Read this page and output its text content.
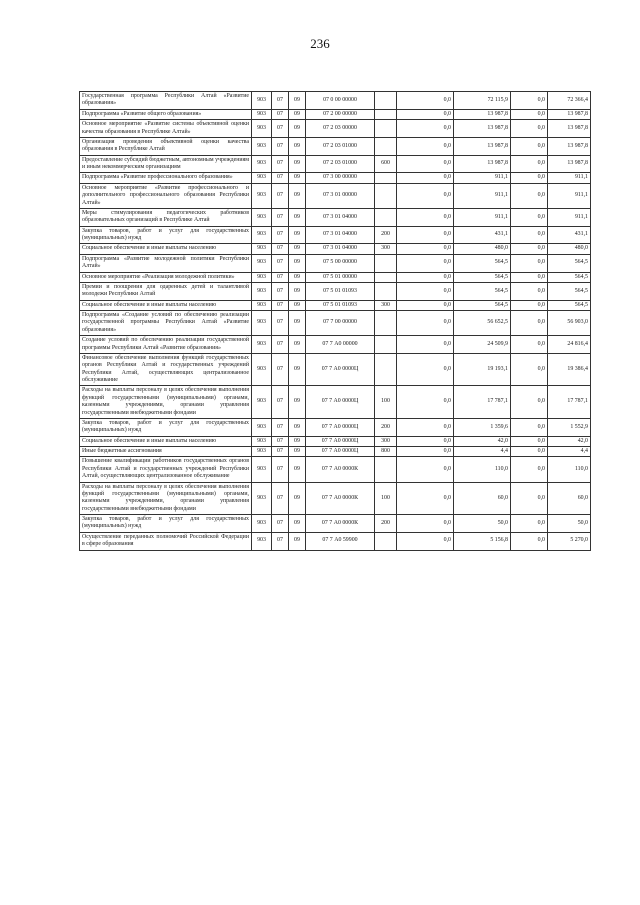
236
Государственная программа Республики Алтай «Развитие образования»	903	07	09	07 0 00 00000		0,0	72 115,9	0,0	72 366,4
Подпрограмма «Развитие общего образования»	903	07	09	07 2 00 00000		0,0	13 987,8	0,0	13 987,8
Основное мероприятие «Развитие системы объективной оценки качества образования в Республике Алтай»	903	07	09	07 2 03 00000		0,0	13 987,8	0,0	13 987,8
Организация проведения объективной оценки качества образования в Республике Алтай	903	07	09	07 2 03 01000		0,0	13 987,8	0,0	13 987,8
Предоставление субсидий бюджетным, автономным учреждениям и иным некоммерческим организациям	903	07	09	07 2 03 01000	600	0,0	13 987,8	0,0	13 987,8
Подпрограмма «Развитие профессионального образования»	903	07	09	07 3 00 00000		0,0	911,1	0,0	911,1
Основное мероприятие «Развитие профессионального и дополнительного профессионального образования Республики Алтай»	903	07	09	07 3 01 00000		0,0	911,1	0,0	911,1
Меры стимулирования педагогических работников образовательных организаций в Республике Алтай	903	07	09	07 3 01 04000		0,0	911,1	0,0	911,1
Закупка товаров, работ и услуг для государственных (муниципальных) нужд	903	07	09	07 3 01 04000	200	0,0	431,1	0,0	431,1
Социальное обеспечение и иные выплаты населению	903	07	09	07 3 01 04000	300	0,0	480,0	0,0	480,0
Подпрограмма «Развитие молодежной политики Республики Алтай»	903	07	09	07 5 00 00000		0,0	564,5	0,0	564,5
Основное мероприятие «Реализация молодежной политики»	903	07	09	07 5 01 00000		0,0	564,5	0,0	564,5
Премии и поощрения для одаренных детей и талантливой молодежи Республики Алтай	903	07	09	07 5 01 01093		0,0	564,5	0,0	564,5
Социальное обеспечение и иные выплаты населению	903	07	09	07 5 01 01093	300	0,0	564,5	0,0	564,5
Подпрограмма «Создание условий по обеспечению реализации государственной программы Республики Алтай «Развитие образования»	903	07	09	07 7 00 00000		0,0	56 652,5	0,0	56 903,0
Создание условий по обеспечению реализации государственной программы Республики Алтай «Развитие образования»	903	07	09	07 7 А0 00000		0,0	24 509,9	0,0	24 816,4
Финансовое обеспечение выполнения функций государственных органов Республики Алтай и государственных учреждений Республики Алтай, осуществляющих централизованное обслуживание	903	07	09	07 7 А0 0000Ц		0,0	19 193,1	0,0	19 386,4
Расходы на выплаты персоналу в целях обеспечения выполнения функций государственными (муниципальными) органами, казенными учреждениями, органами управления государственными внебюджетными фондами	903	07	09	07 7 А0 0000Ц	100	0,0	17 787,1	0,0	17 787,1
Закупка товаров, работ и услуг для государственных (муниципальных) нужд	903	07	09	07 7 А0 0000Ц	200	0,0	1 359,6	0,0	1 552,9
Социальное обеспечение и иные выплаты населению	903	07	09	07 7 А0 0000Ц	300	0,0	42,0	0,0	42,0
Иные бюджетные ассигнования	903	07	09	07 7 А0 0000Ц	800	0,0	4,4	0,0	4,4
Повышение квалификации работников государственных органов Республики Алтай и государственных учреждений Республики Алтай, осуществляющих централизованное обслуживание	903	07	09	07 7 А0 0000К		0,0	110,0	0,0	110,0
Расходы на выплаты персоналу в целях обеспечения выполнения функций государственными (муниципальными) органами, казенными учреждениями, органами управления государственными внебюджетными фондами	903	07	09	07 7 А0 0000К	100	0,0	60,0	0,0	60,0
Закупка товаров, работ и услуг для государственных (муниципальных) нужд	903	07	09	07 7 А0 0000К	200	0,0	50,0	0,0	50,0
Осуществление переданных полномочий Российской Федерации в сфере образования	903	07	09	07 7 А0 59900		0,0	5 156,8	0,0	5 270,0
